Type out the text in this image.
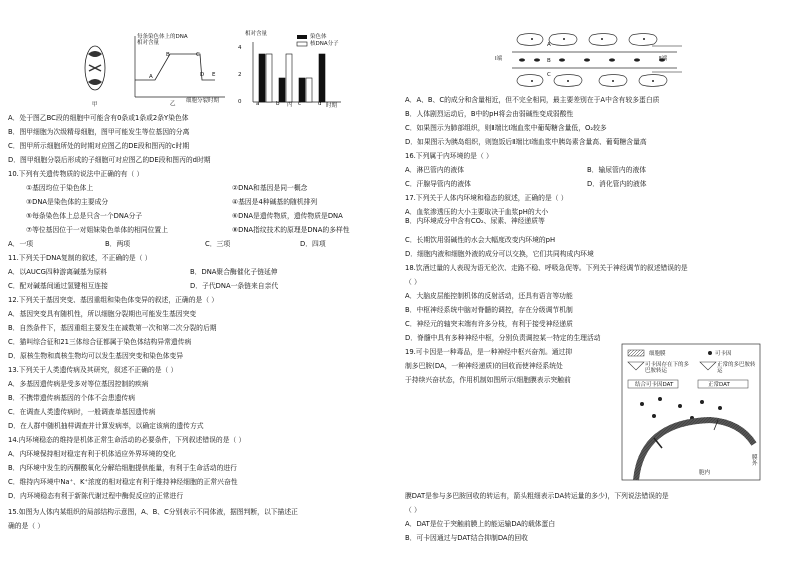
甲
每条染色体上的DNA相对含量
A
B	C
D E
细胞分裂时期
乙
相对含量	染色体
核DNA分子
4
2
0	a	b 丙 c	d 时期
A．处于图乙BC段的细胞中可能含有0条或1条或2条Y染色体
B．图甲细胞为次级精母细胞，图甲可能发生等位基因的分离
C．图甲所示细胞所处的时期对应图乙的DE段和图丙的c时期
D．图甲细胞分裂后形成的子细胞可对应图乙的DE段和图丙的d时期
10.下列有关遗传物质的说法中正确的有（ ）
①基因均位于染色体上	②DNA和基因是同一概念
③DNA是染色体的主要成分	④基因是4种碱基的随机排列
⑤每条染色体上总是只含一个DNA分子	⑥DNA是遗传物质，遗传物质是DNA
⑦等位基因位于一对姐妹染色单体的相同位置上	⑧DNA指纹技术的原理是DNA的多样性
A．一项	B．两项	C．三项	D．四项
11.下列关于DNA复制的叙述，不正确的是（ ）
A．以AUCG四种游离碱基为原料	B．DNA聚合酶催化子链延伸
C．配对碱基间通过氢键相互连接	D．子代DNA一条链来自亲代
12.下列关于基因突变、基因重组和染色体变异的叙述，正确的是（ ）
A．基因突变具有随机性，所以细胞分裂期也可能发生基因突变
B．自然条件下，基因重组主要发生在减数第一次和第二次分裂的后期
C．猫叫综合征和21三体综合征都属于染色体结构异常遗传病
D．原核生物和真核生物均可以发生基因突变和染色体变异
13.下列关于人类遗传病及其研究，叙述不正确的是（ ）
A．多基因遗传病是受多对等位基因控制的疾病
B．不携带遗传病基因的个体不会患遗传病
C．在调查人类遗传病时，一般调查单基因遗传病
D．在人群中随机抽样调查并计算发病率，以确定该病的遗传方式
14.内环境稳态的维持是机体正常生命活动的必要条件，下列叙述错误的是（ ）
A．内环境保持相对稳定有利于机体适应外界环境的变化
B．内环境中发生的丙酮酸氧化分解给细胞提供能量，有利于生命活动的进行
C．维持内环境中Na⁺、K⁺浓度的相对稳定有利于维持神经细胞的正常兴奋性
D．内环境稳态有利于新陈代谢过程中酶促反应的正常进行
15.如图为人体内某组织的局部结构示意图，A、B、C分别表示不同体液，据图判断，以下描述正
确的是（ ）
I端
A
B
C
Ⅱ端
A．A、B、C的成分和含量相近，但不完全相同，最主要差别在于A中含有较多蛋白质
B．人体剧烈运动后，B中的pH将会由弱碱性变成弱酸性
C．如果图示为肺部组织，则Ⅱ端比Ⅰ端血浆中葡萄糖含量低，O₂较多
D．如果图示为胰岛组织，则饱饭后Ⅱ端比Ⅰ端血浆中胰岛素含量高、葡萄糖含量高
16.下列属于内环境的是（ ）
A．淋巴管内的液体	B．输尿管内的液体
C．汗腺导管内的液体	D．消化管内的液体
17.下列关于人体内环境和稳态的叙述，正确的是（ ）
A．血浆渗透压的大小主要取决于血浆pH的大小
B．内环境成分中含有CO₂、尿素、神经递质等
C．长期饮用弱碱性的水会大幅度改变内环境的pH
D．细胞内液和细胞外液的成分可以交换，它们共同构成内环境
18.饮酒过量的人表现为语无伦次、走路不稳、呼吸急促等。下列关于神经调节的叙述错误的是
（ ）
A．大脑皮层能控制机体的反射活动，还具有语言等功能
B．中枢神经系统中脑对脊髓的调控，存在分级调节机制
C．神经元的轴突末端有许多分枝，有利于接受神经递质
D．脊髓中具有多种神经中枢，分别负责调控某一特定的生理活动
19.可卡因是一种毒品，是一种神经中枢兴奋剂。通过抑
制多巴胺(DA，一种神经递质)的回收而使神经系统处
于持续兴奋状态，作用机制如图所示(细胞膜表示突触前
膜DAT是参与多巴胺回收的转运有，箭头粗细表示DA转运量的多少)，下列说法错误的是
（ ）
A．DAT是位于突触前膜上的能运输DA的载体蛋白
B．可卡因通过与DAT结合抑制DA的回收
细胞膜	可卡因
可卡因存在下的多巴胺转运
正常的多巴胺转运
结合可卡因DAT	正常DAT
胞内
膜外
